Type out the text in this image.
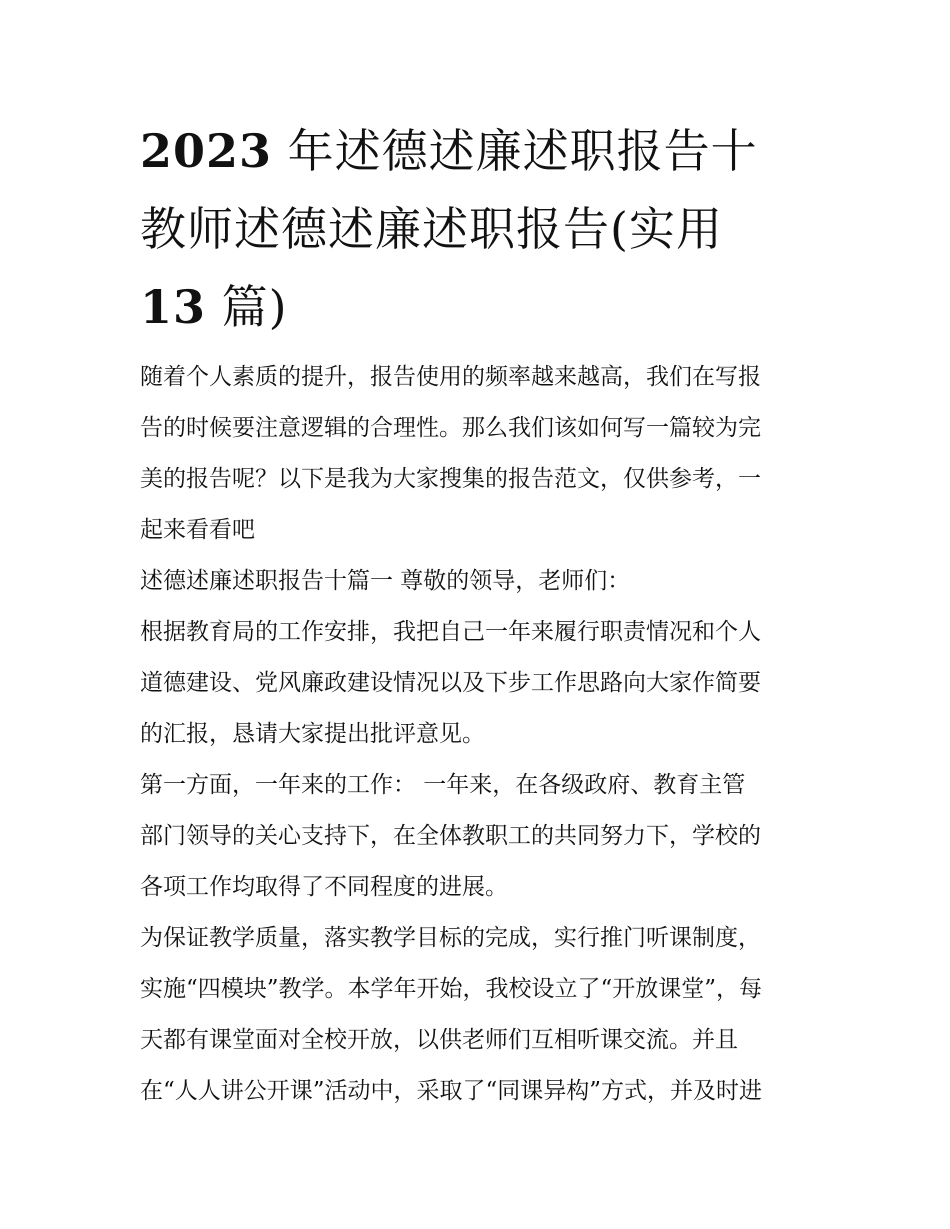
2023 年述德述廉述职报告十
教师述德述廉述职报告(实用
13 篇)
随着个人素质的提升，报告使用的频率越来越高，我们在写报
告的时候要注意逻辑的合理性。那么我们该如何写一篇较为完
美的报告呢？以下是我为大家搜集的报告范文，仅供参考，一
起来看看吧
述德述廉述职报告十篇一 尊敬的领导，老师们：
根据教育局的工作安排，我把自己一年来履行职责情况和个人
道德建设、党风廉政建设情况以及下步工作思路向大家作简要
的汇报，恳请大家提出批评意见。
第一方面，一年来的工作： 一年来，在各级政府、教育主管
部门领导的关心支持下，在全体教职工的共同努力下，学校的
各项工作均取得了不同程度的进展。
为保证教学质量，落实教学目标的完成，实行推门听课制度，
实施“四模块”教学。本学年开始，我校设立了“开放课堂”，每
天都有课堂面对全校开放，以供老师们互相听课交流。并且
在“人人讲公开课”活动中，采取了“同课异构”方式，并及时进
